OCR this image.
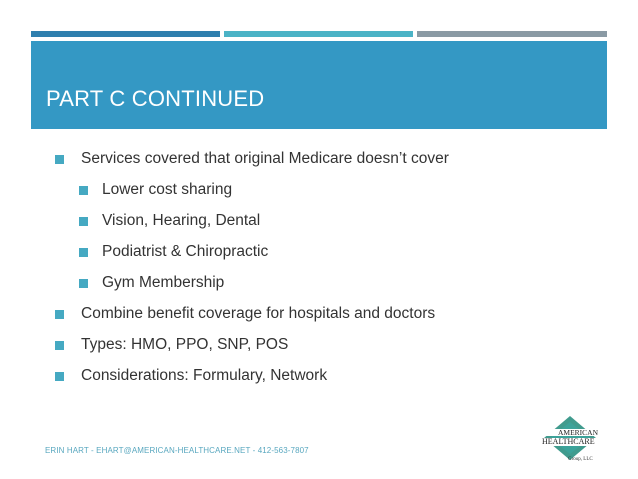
PART C CONTINUED
Services covered that original Medicare doesn’t cover
Lower cost sharing
Vision, Hearing, Dental
Podiatrist & Chiropractic
Gym Membership
Combine benefit coverage for hospitals and doctors
Types: HMO, PPO, SNP, POS
Considerations: Formulary, Network
ERIN HART - EHART@AMERICAN-HEALTHCARE.NET - 412-563-7807
AMERICAN
HEALTHCARE
Group, LLC
